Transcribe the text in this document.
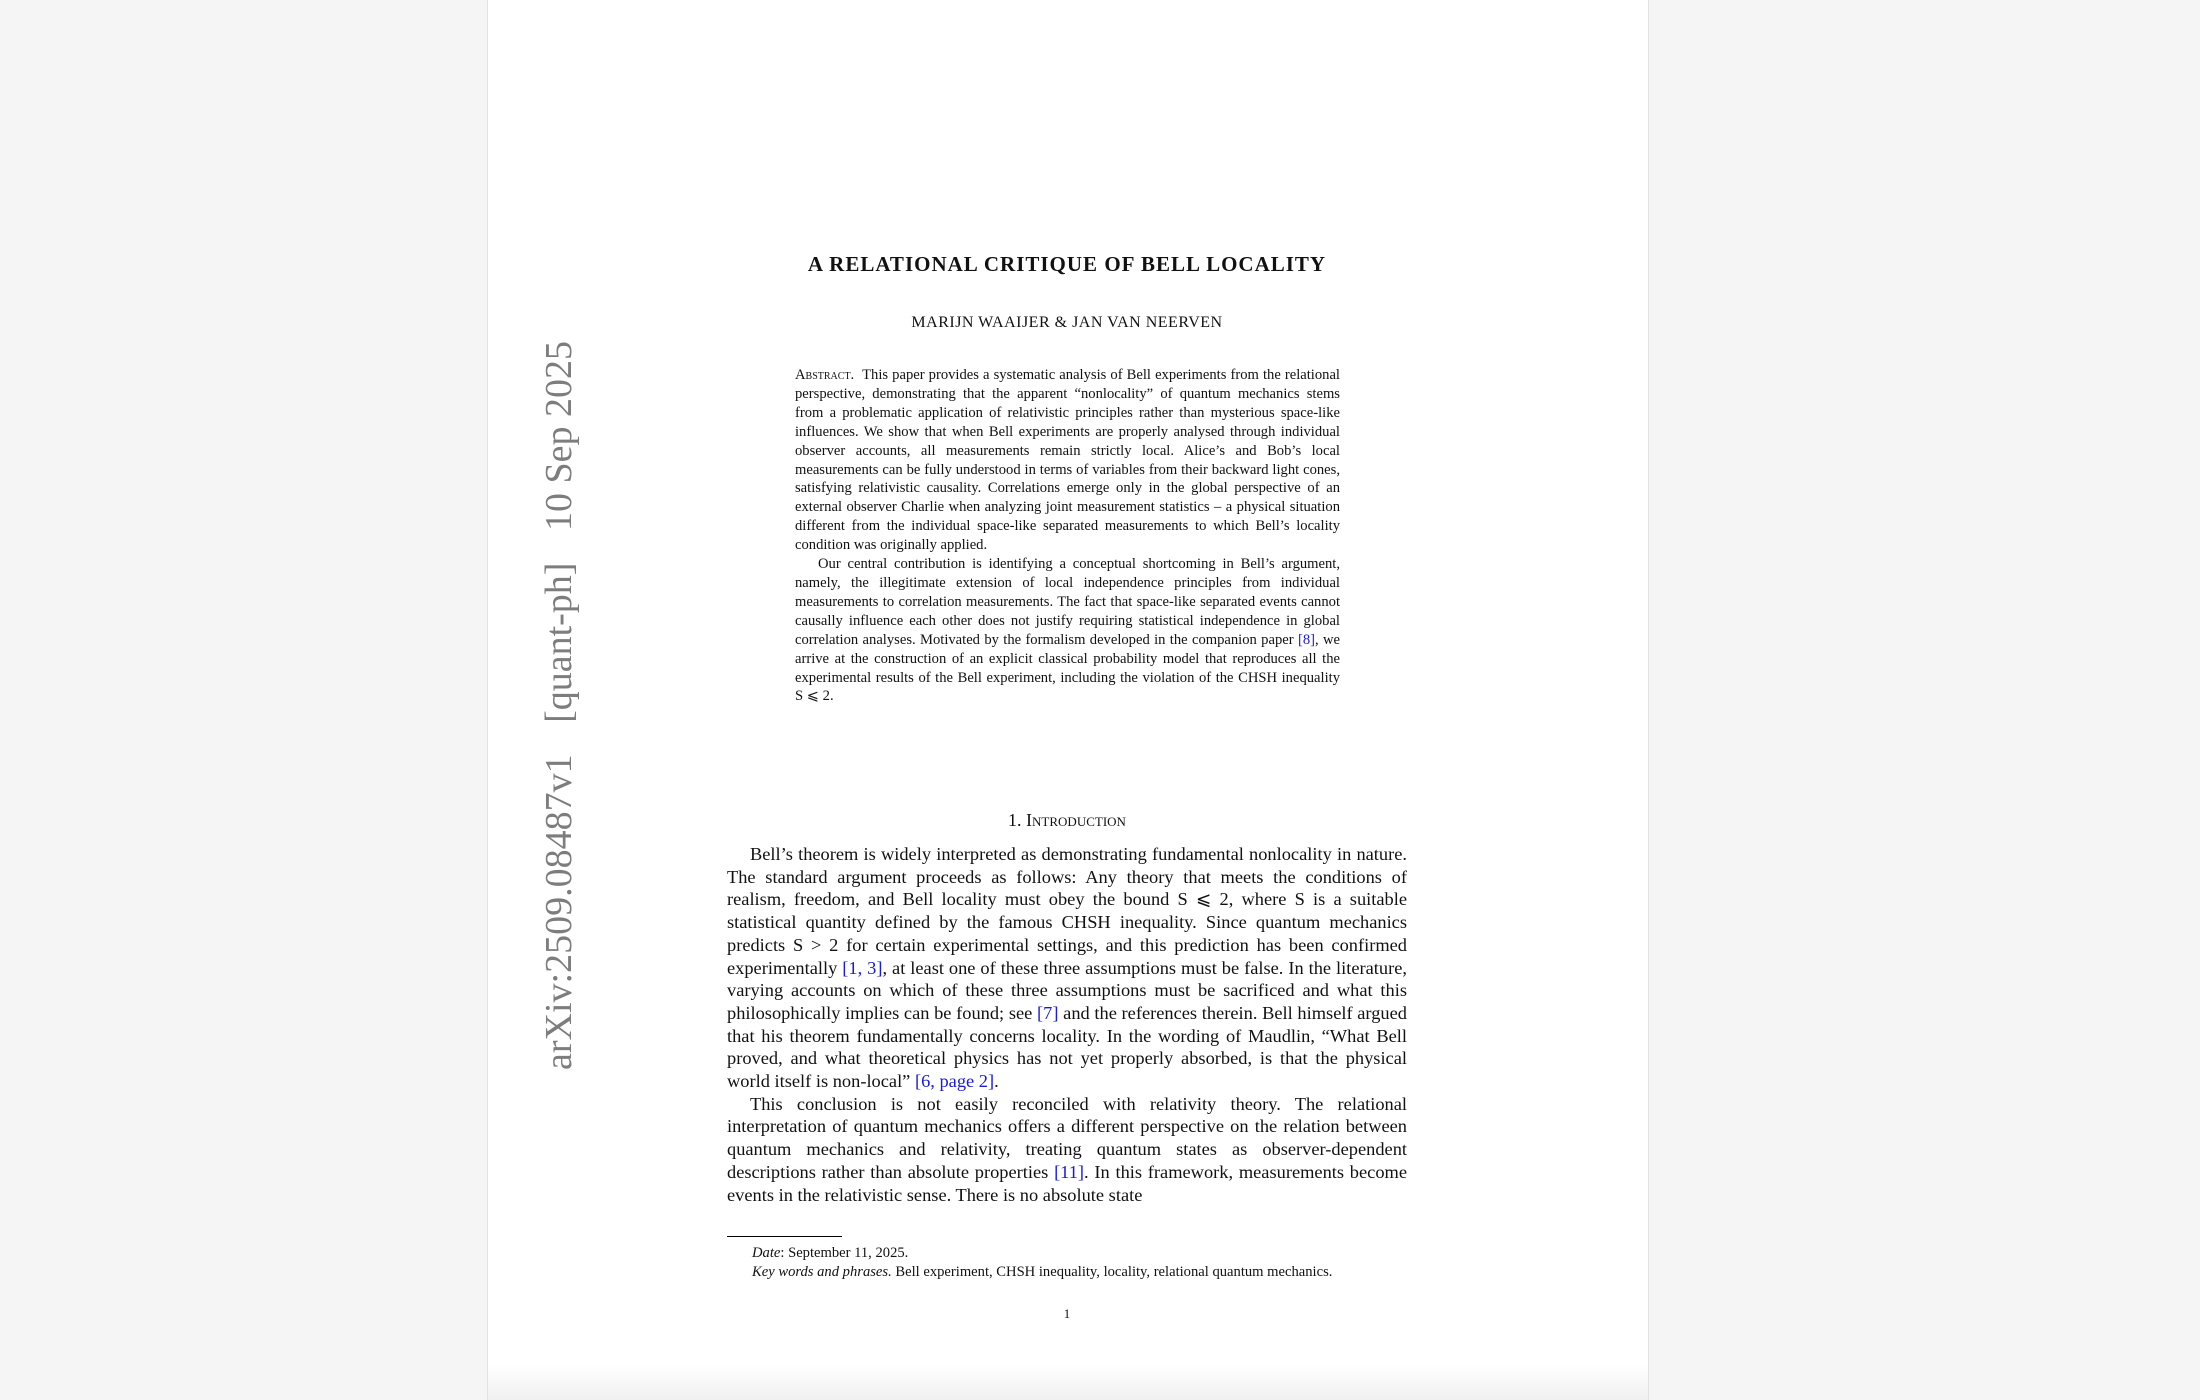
arXiv:2509.08487v1 [quant-ph] 10 Sep 2025
A RELATIONAL CRITIQUE OF BELL LOCALITY
MARIJN WAAIJER & JAN VAN NEERVEN

Abstract. This paper provides a systematic analysis of Bell experiments from the relational perspective, demonstrating that the apparent “nonlocality” of quantum mechanics stems from a problematic application of relativistic principles rather than mysterious space-like influences. We show that when Bell experiments are properly analysed through individual observer accounts, all measurements remain strictly local. Alice’s and Bob’s local measurements can be fully understood in terms of variables from their backward light cones, satisfying relativistic causality. Correlations emerge only in the global perspective of an external observer Charlie when analyzing joint measurement statistics – a physical situation different from the individual space-like separated measurements to which Bell’s locality condition was originally applied.

Our central contribution is identifying a conceptual shortcoming in Bell’s argument, namely, the illegitimate extension of local independence principles from individual measurements to correlation measurements. The fact that space-like separated events cannot causally influence each other does not justify requiring statistical independence in global correlation analyses. Motivated by the formalism developed in the companion paper [8], we arrive at the construction of an explicit classical probability model that reproduces all the experimental results of the Bell experiment, including the violation of the CHSH inequality S ⩽ 2.

1. Introduction

Bell’s theorem is widely interpreted as demonstrating fundamental nonlocality in nature. The standard argument proceeds as follows: Any theory that meets the conditions of realism, freedom, and Bell locality must obey the bound S ⩽ 2, where S is a suitable statistical quantity defined by the famous CHSH inequality. Since quantum mechanics predicts S > 2 for certain experimental settings, and this prediction has been confirmed experimentally [1, 3], at least one of these three assumptions must be false. In the literature, varying accounts on which of these three assumptions must be sacrificed and what this philosophically implies can be found; see [7] and the references therein. Bell himself argued that his theorem fundamentally concerns locality. In the wording of Maudlin, “What Bell proved, and what theoretical physics has not yet properly absorbed, is that the physical world itself is non-local” [6, page 2].

This conclusion is not easily reconciled with relativity theory. The relational interpretation of quantum mechanics offers a different perspective on the relation between quantum mechanics and relativity, treating quantum states as observer-dependent descriptions rather than absolute properties [11]. In this framework, measurements become events in the relativistic sense. There is no absolute state

Date: September 11, 2025.

Key words and phrases. Bell experiment, CHSH inequality, locality, relational quantum mechanics.

1
